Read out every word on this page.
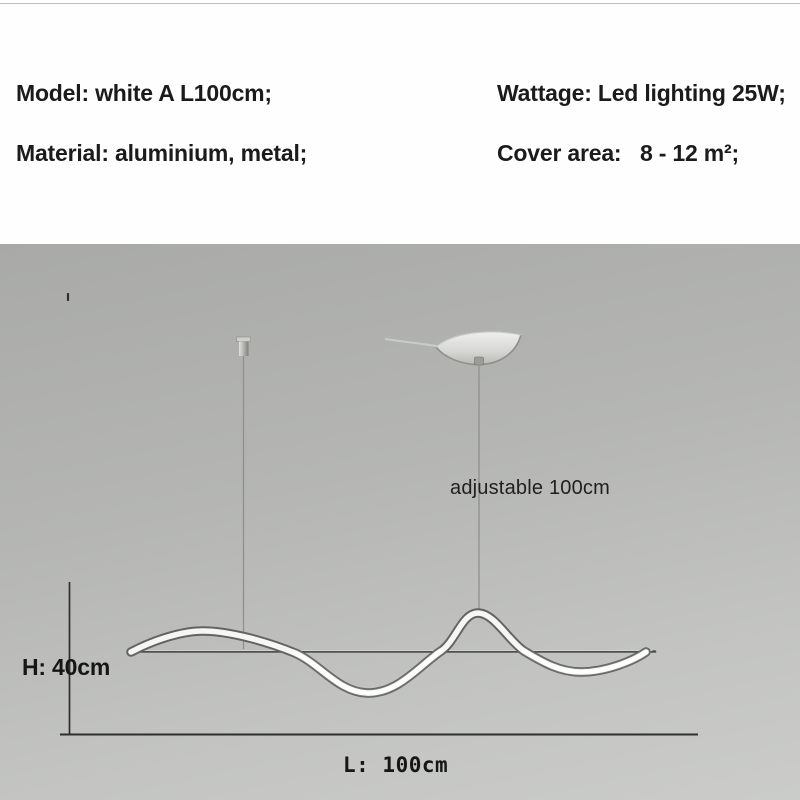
Model: white A L100cm;	Wattage: Led lighting 25W;
Material: aluminium, metal;	Cover area:   8 - 12 m²;
adjustable 100cm
H: 40cm
L: 100cm
